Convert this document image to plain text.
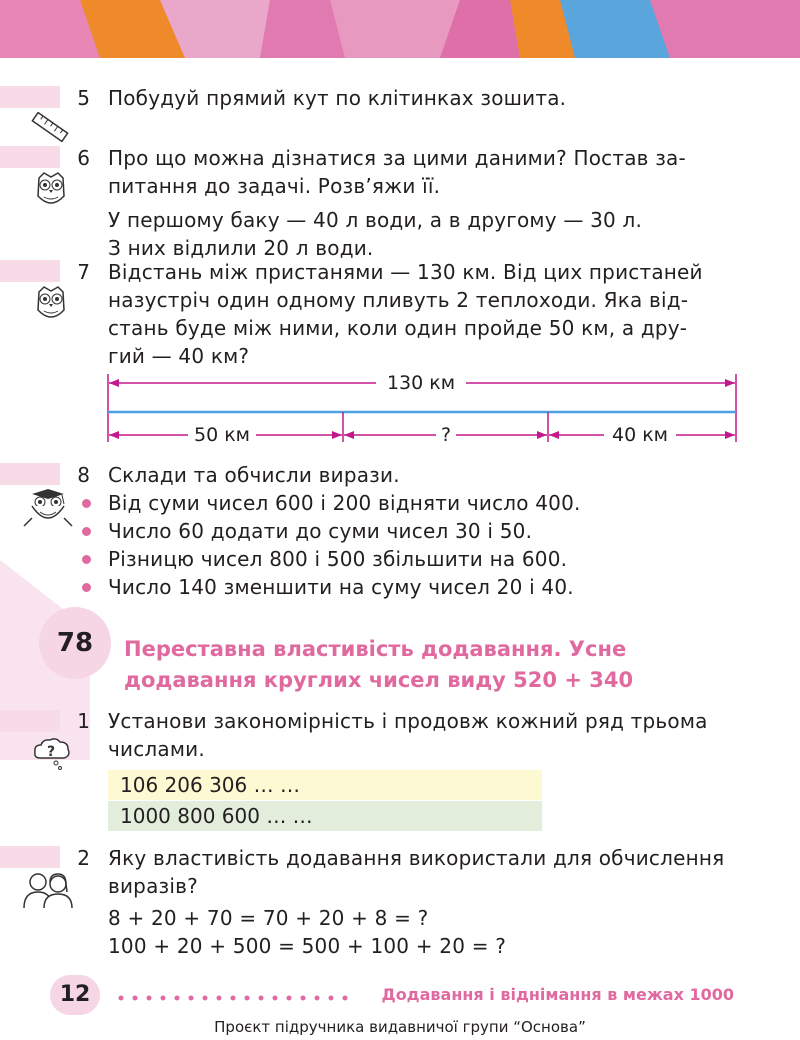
5 Побудуй прямий кут по клітинках зошита.

6 Про що можна дізнатися за цими даними? Постав за-

питання до задачі. Розв’яжи її.

У першому баку — 40 л води, а в другому — 30 л.

З них відлили 20 л води.

7 Відстань між пристанями — 130 км. Від цих пристаней

назустріч один одному пливуть 2 теплоходи. Яка від-

стань буде між ними, коли один пройде 50 км, а дру-

гий — 40 км?

130 км
50 км	?	40 км
8 Склади та обчисли вирази.

Від суми чисел 600 і 200 відняти число 400.

Число 60 додати до суми чисел 30 і 50.

Різницю чисел 800 і 500 збільшити на 600.

Число 140 зменшити на суму чисел 20 і 40.

78	Переставна властивість додавання. Усне
додавання круглих чисел виду 520 + 340
1 Установи закономірність і продовж кожний ряд трьома

числами.

?
106 206 306 … …
1000 800 600 … …
2 Яку властивість додавання використали для обчислення

виразів?

8 + 20 + 70 = 70 + 20 + 8 = ?

100 + 20 + 500 = 500 + 100 + 20 = ?

12	Додавання і віднімання в межах 1000
Проєкт підручника видавничої групи “Основа”
